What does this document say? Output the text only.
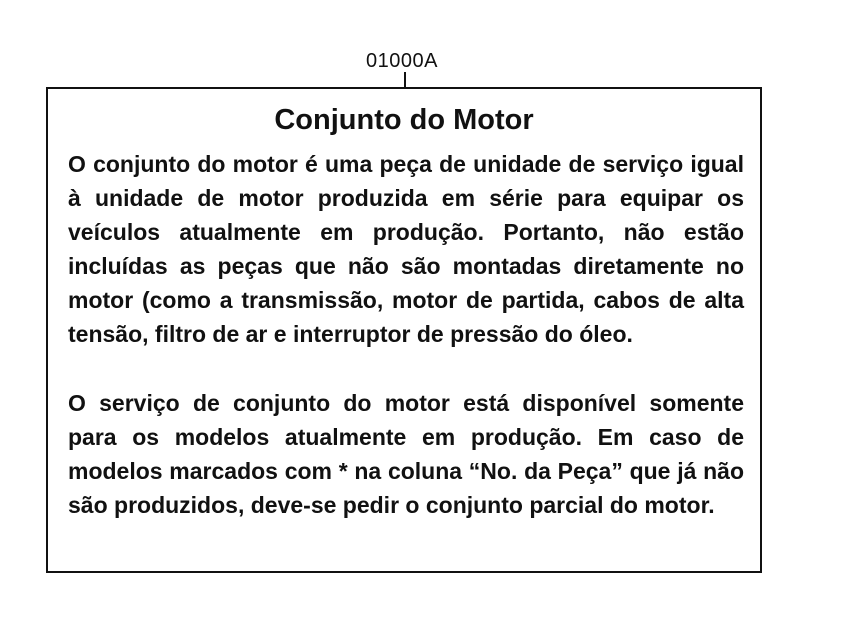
01000A
Conjunto do Motor
O conjunto do motor é uma peça de unidade de serviço igual à unidade de motor produzida em série para equipar os veículos atualmente em produção. Portanto, não estão incluídas as peças que não são montadas diretamente no motor (como a transmissão, motor de partida, cabos de alta tensão, filtro de ar e interruptor de pressão do óleo.
O serviço de conjunto do motor está disponível somente para os modelos atualmente em produção. Em caso de modelos marcados com * na coluna “No. da Peça” que já não são produzidos, deve-se pedir o conjunto parcial do motor.
